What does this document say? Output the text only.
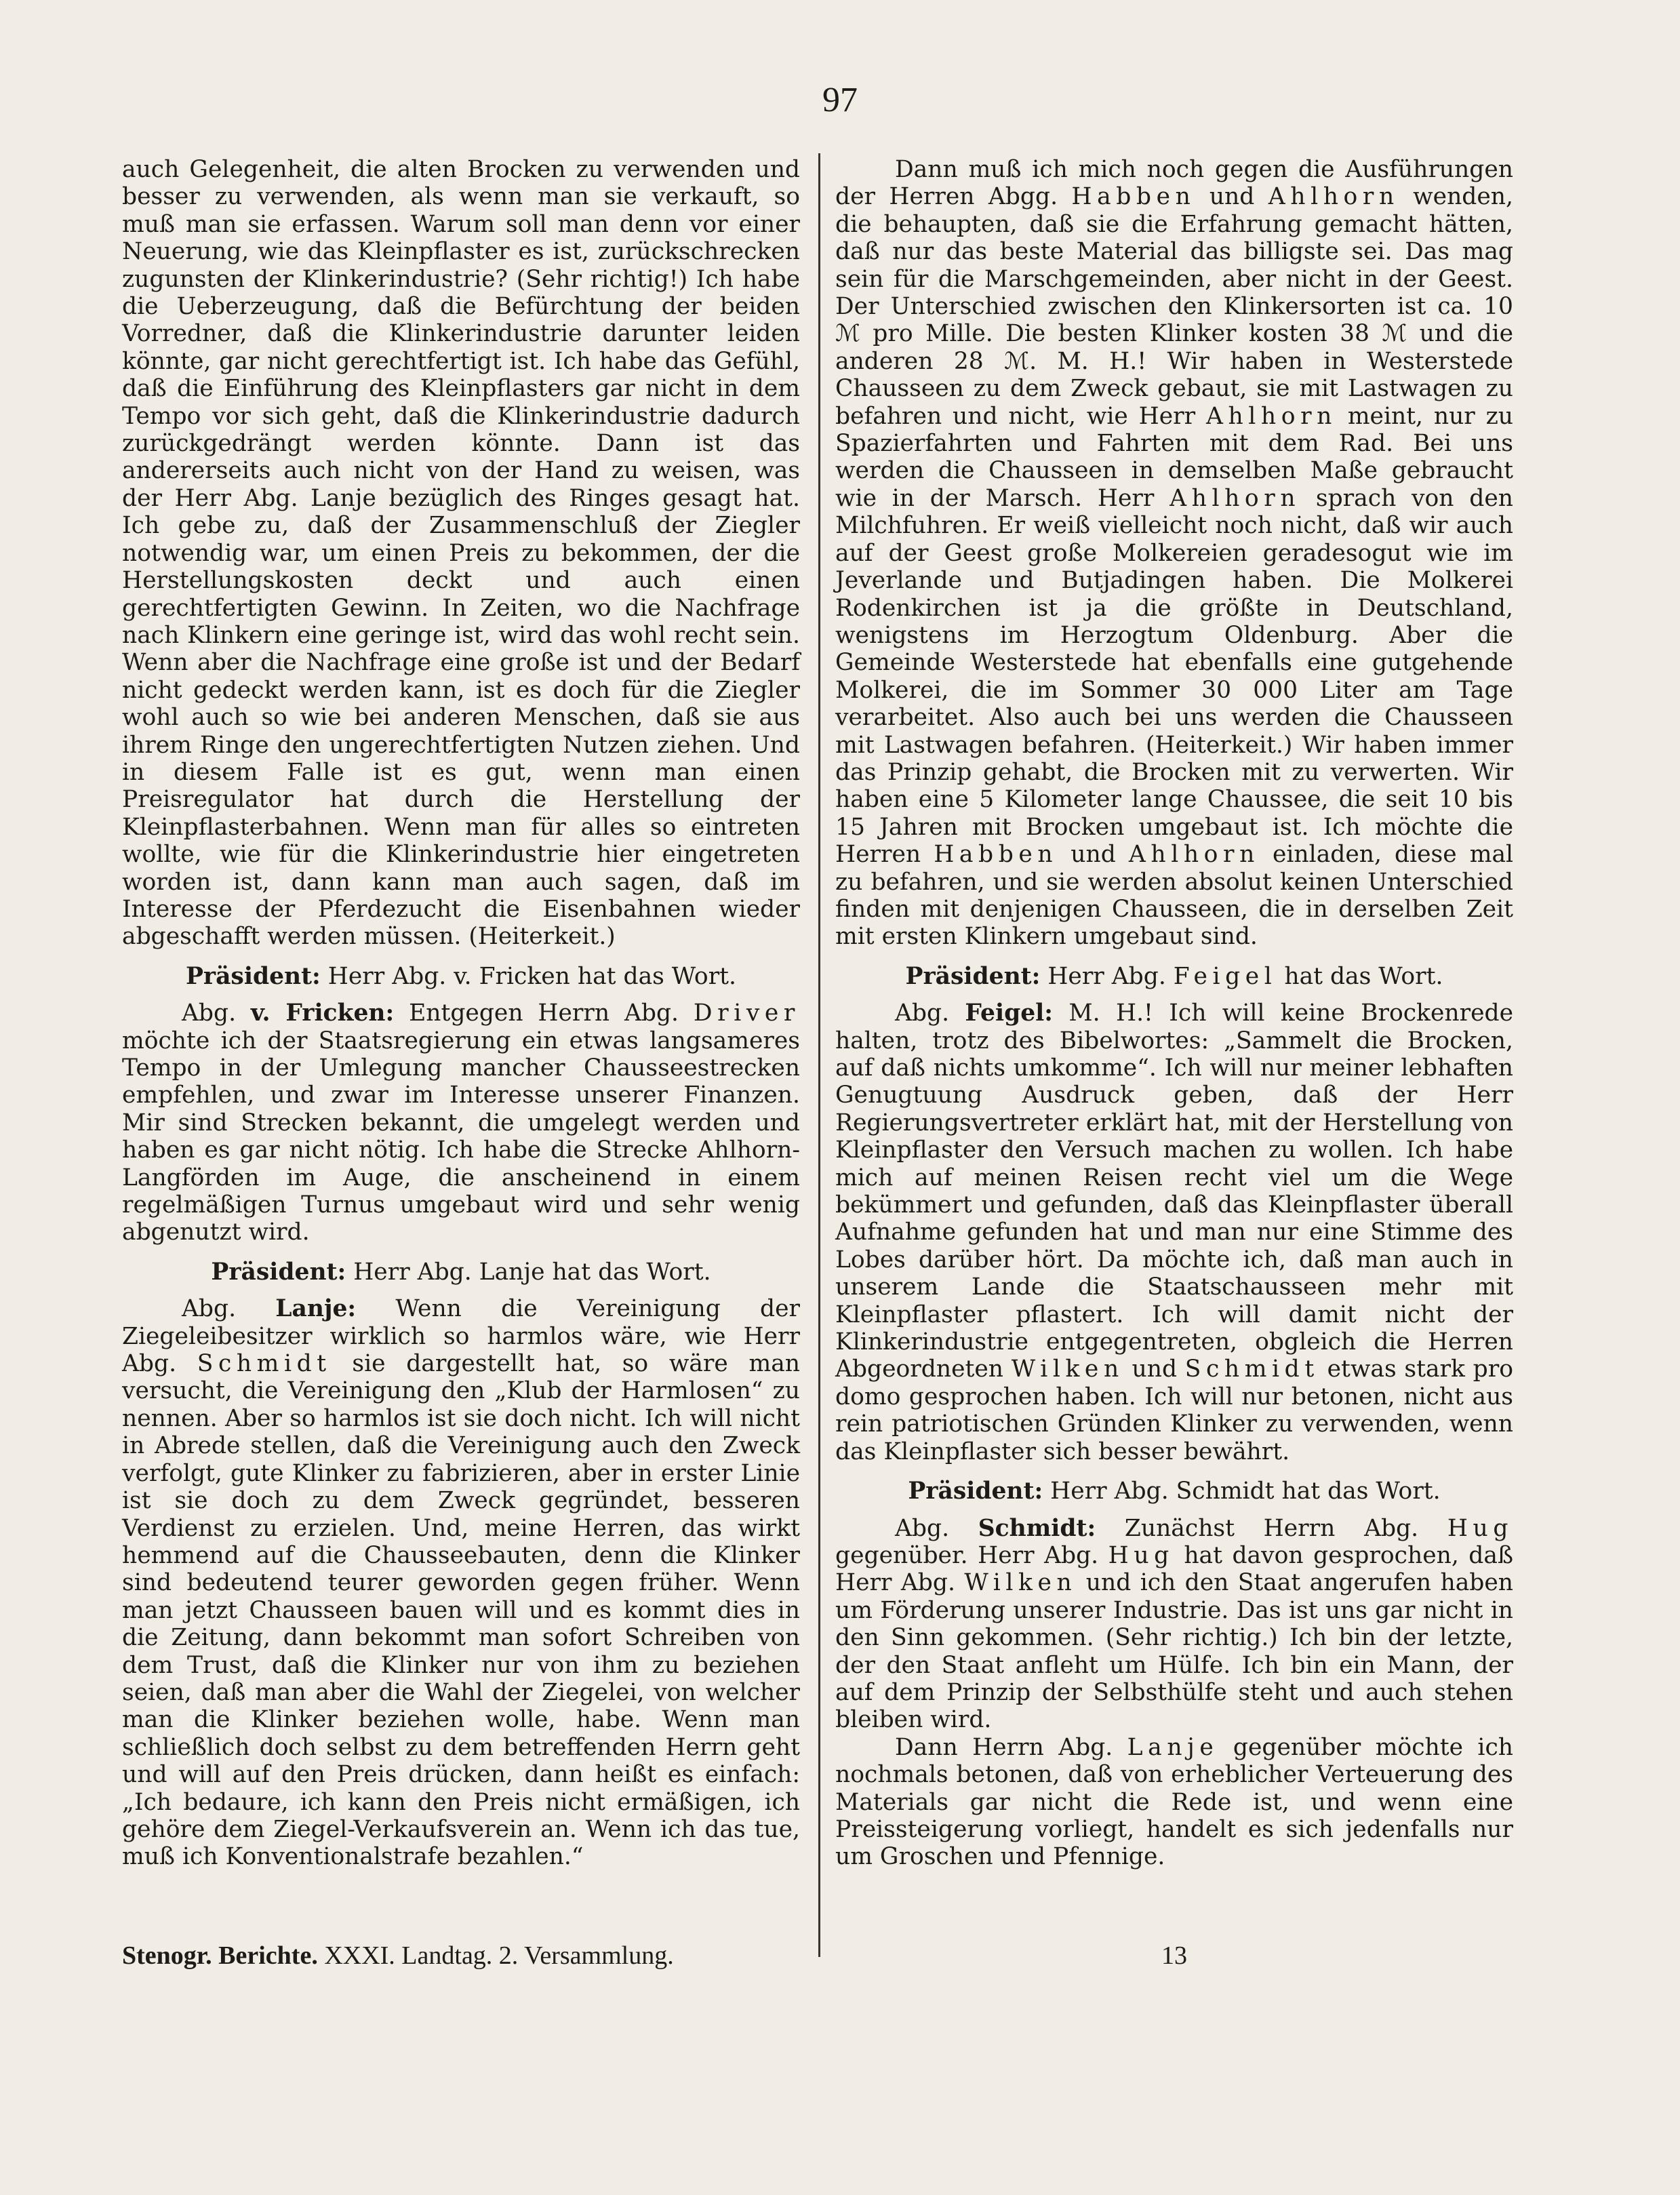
97

auch Gelegenheit, die alten Brocken zu verwenden und besser zu verwenden, als wenn man sie verkauft, so muß man sie erfassen. Warum soll man denn vor einer Neuerung, wie das Kleinpflaster es ist, zurückschrecken zugunsten der Klinkerindustrie? (Sehr richtig!) Ich habe die Ueberzeugung, daß die Befürchtung der beiden Vorredner, daß die Klinkerindustrie darunter leiden könnte, gar nicht gerechtfertigt ist. Ich habe das Gefühl, daß die Einführung des Kleinpflasters gar nicht in dem Tempo vor sich geht, daß die Klinkerindustrie dadurch zurückgedrängt werden könnte. Dann ist das andererseits auch nicht von der Hand zu weisen, was der Herr Abg. Lanje bezüglich des Ringes gesagt hat. Ich gebe zu, daß der Zusammenschluß der Ziegler notwendig war, um einen Preis zu bekommen, der die Herstellungskosten deckt und auch einen gerechtfertigten Gewinn. In Zeiten, wo die Nachfrage nach Klinkern eine geringe ist, wird das wohl recht sein. Wenn aber die Nachfrage eine große ist und der Bedarf nicht gedeckt werden kann, ist es doch für die Ziegler wohl auch so wie bei anderen Menschen, daß sie aus ihrem Ringe den ungerechtfertigten Nutzen ziehen. Und in diesem Falle ist es gut, wenn man einen Preisregulator hat durch die Herstellung der Kleinpflasterbahnen. Wenn man für alles so eintreten wollte, wie für die Klinkerindustrie hier eingetreten worden ist, dann kann man auch sagen, daß im Interesse der Pferdezucht die Eisenbahnen wieder abgeschafft werden müssen. (Heiterkeit.)

Präsident: Herr Abg. v. Fricken hat das Wort.

Abg. v. Fricken: Entgegen Herrn Abg. Driver möchte ich der Staatsregierung ein etwas langsameres Tempo in der Umlegung mancher Chausseestrecken empfehlen, und zwar im Interesse unserer Finanzen. Mir sind Strecken bekannt, die umgelegt werden und haben es gar nicht nötig. Ich habe die Strecke Ahlhorn-Langförden im Auge, die anscheinend in einem regelmäßigen Turnus umgebaut wird und sehr wenig abgenutzt wird.

Präsident: Herr Abg. Lanje hat das Wort.

Abg. Lanje: Wenn die Vereinigung der Ziegeleibesitzer wirklich so harmlos wäre, wie Herr Abg. Schmidt sie dargestellt hat, so wäre man versucht, die Vereinigung den „Klub der Harmlosen“ zu nennen. Aber so harmlos ist sie doch nicht. Ich will nicht in Abrede stellen, daß die Vereinigung auch den Zweck verfolgt, gute Klinker zu fabrizieren, aber in erster Linie ist sie doch zu dem Zweck gegründet, besseren Verdienst zu erzielen. Und, meine Herren, das wirkt hemmend auf die Chausseebauten, denn die Klinker sind bedeutend teurer geworden gegen früher. Wenn man jetzt Chausseen bauen will und es kommt dies in die Zeitung, dann bekommt man sofort Schreiben von dem Trust, daß die Klinker nur von ihm zu beziehen seien, daß man aber die Wahl der Ziegelei, von welcher man die Klinker beziehen wolle, habe. Wenn man schließlich doch selbst zu dem betreffenden Herrn geht und will auf den Preis drücken, dann heißt es einfach: „Ich bedaure, ich kann den Preis nicht ermäßigen, ich gehöre dem Ziegel-Verkaufsverein an. Wenn ich das tue, muß ich Konventionalstrafe bezahlen.“

Dann muß ich mich noch gegen die Ausführungen der Herren Abgg. Habben und Ahlhorn wenden, die behaupten, daß sie die Erfahrung gemacht hätten, daß nur das beste Material das billigste sei. Das mag sein für die Marschgemeinden, aber nicht in der Geest. Der Unterschied zwischen den Klinkersorten ist ca. 10 ℳ pro Mille. Die besten Klinker kosten 38 ℳ und die anderen 28 ℳ. M. H.! Wir haben in Westerstede Chausseen zu dem Zweck gebaut, sie mit Lastwagen zu befahren und nicht, wie Herr Ahlhorn meint, nur zu Spazierfahrten und Fahrten mit dem Rad. Bei uns werden die Chausseen in demselben Maße gebraucht wie in der Marsch. Herr Ahlhorn sprach von den Milchfuhren. Er weiß vielleicht noch nicht, daß wir auch auf der Geest große Molkereien geradesogut wie im Jeverlande und Butjadingen haben. Die Molkerei Rodenkirchen ist ja die größte in Deutschland, wenigstens im Herzogtum Oldenburg. Aber die Gemeinde Westerstede hat ebenfalls eine gutgehende Molkerei, die im Sommer 30 000 Liter am Tage verarbeitet. Also auch bei uns werden die Chausseen mit Lastwagen befahren. (Heiterkeit.) Wir haben immer das Prinzip gehabt, die Brocken mit zu verwerten. Wir haben eine 5 Kilometer lange Chaussee, die seit 10 bis 15 Jahren mit Brocken umgebaut ist. Ich möchte die Herren Habben und Ahlhorn einladen, diese mal zu befahren, und sie werden absolut keinen Unterschied finden mit denjenigen Chausseen, die in derselben Zeit mit ersten Klinkern umgebaut sind.

Präsident: Herr Abg. Feigel hat das Wort.

Abg. Feigel: M. H.! Ich will keine Brockenrede halten, trotz des Bibelwortes: „Sammelt die Brocken, auf daß nichts umkomme“. Ich will nur meiner lebhaften Genugtuung Ausdruck geben, daß der Herr Regierungsvertreter erklärt hat, mit der Herstellung von Kleinpflaster den Versuch machen zu wollen. Ich habe mich auf meinen Reisen recht viel um die Wege bekümmert und gefunden, daß das Kleinpflaster überall Aufnahme gefunden hat und man nur eine Stimme des Lobes darüber hört. Da möchte ich, daß man auch in unserem Lande die Staatschausseen mehr mit Kleinpflaster pflastert. Ich will damit nicht der Klinkerindustrie entgegentreten, obgleich die Herren Abgeordneten Wilken und Schmidt etwas stark pro domo gesprochen haben. Ich will nur betonen, nicht aus rein patriotischen Gründen Klinker zu verwenden, wenn das Kleinpflaster sich besser bewährt.

Präsident: Herr Abg. Schmidt hat das Wort.

Abg. Schmidt: Zunächst Herrn Abg. Hug gegenüber. Herr Abg. Hug hat davon gesprochen, daß Herr Abg. Wilken und ich den Staat angerufen haben um Förderung unserer Industrie. Das ist uns gar nicht in den Sinn gekommen. (Sehr richtig.) Ich bin der letzte, der den Staat anfleht um Hülfe. Ich bin ein Mann, der auf dem Prinzip der Selbsthülfe steht und auch stehen bleiben wird.

Dann Herrn Abg. Lanje gegenüber möchte ich nochmals betonen, daß von erheblicher Verteuerung des Materials gar nicht die Rede ist, und wenn eine Preissteigerung vorliegt, handelt es sich jedenfalls nur um Groschen und Pfennige.

Stenogr. Berichte. XXXI. Landtag. 2. Versammlung.	13
